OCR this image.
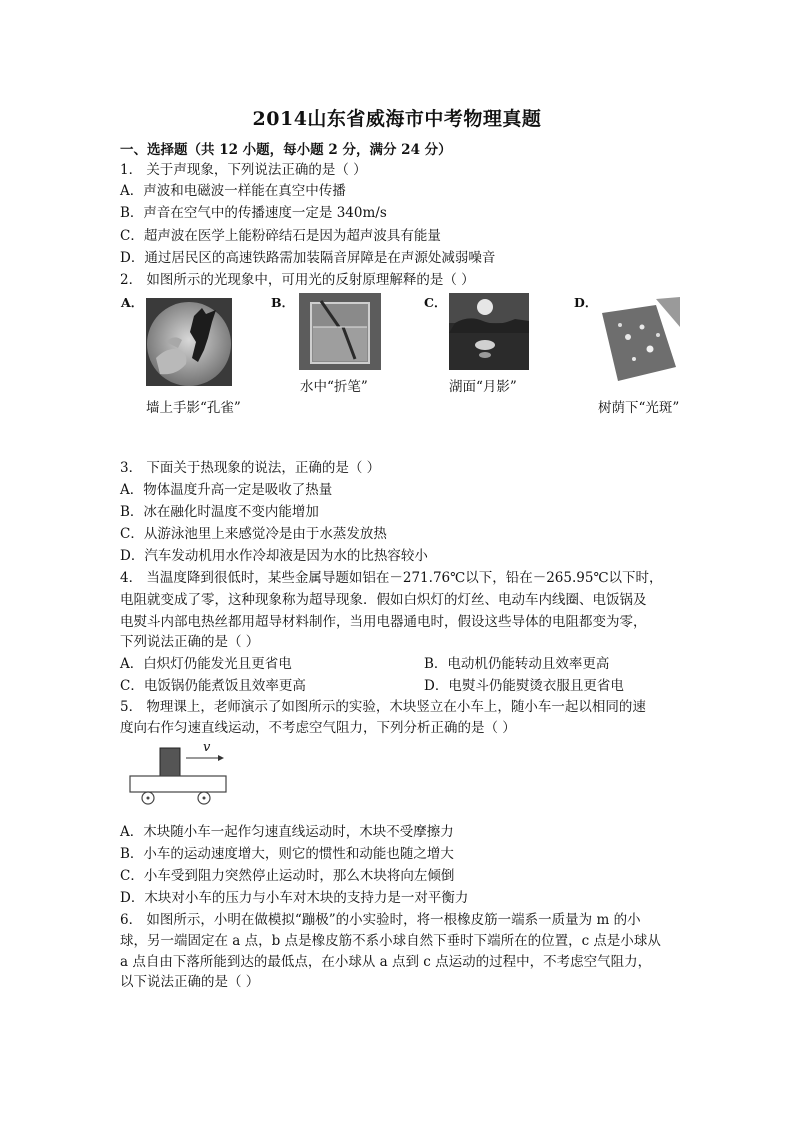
2014山东省威海市中考物理真题
一、选择题（共 12 小题，每小题 2 分，满分 24 分）
1． 关于声现象，下列说法正确的是（ ）
A．声波和电磁波一样能在真空中传播
B．声音在空气中的传播速度一定是 340m/s
C．超声波在医学上能粉碎结石是因为超声波具有能量
D．通过居民区的高速铁路需加装隔音屏障是在声源处减弱噪音
2． 如图所示的光现象中，可用光的反射原理解释的是（ ）
A．	B．	C．	D．
水中“折笔”	湖面“月影”
墙上手影“孔雀”	树荫下“光斑”
3． 下面关于热现象的说法，正确的是（ ）
A．物体温度升高一定是吸收了热量
B．冰在融化时温度不变内能增加
C．从游泳池里上来感觉冷是由于水蒸发放热
D．汽车发动机用水作冷却液是因为水的比热容较小
4． 当温度降到很低时，某些金属导题如铝在－271.76℃以下，铅在－265.95℃以下时，
电阻就变成了零，这种现象称为超导现象．假如白炽灯的灯丝、电动车内线圈、电饭锅及
电熨斗内部电热丝都用超导材料制作，当用电器通电时，假设这些导体的电阻都变为零，
下列说法正确的是（ ）
A．白炽灯仍能发光且更省电	B．电动机仍能转动且效率更高
C．电饭锅仍能煮饭且效率更高	D．电熨斗仍能熨烫衣服且更省电
5． 物理课上，老师演示了如图所示的实验，木块竖立在小车上，随小车一起以相同的速
度向右作匀速直线运动，不考虑空气阻力，下列分析正确的是（ ）
v
A．木块随小车一起作匀速直线运动时，木块不受摩擦力
B．小车的运动速度增大，则它的惯性和动能也随之增大
C．小车受到阻力突然停止运动时，那么木块将向左倾倒
D．木块对小车的压力与小车对木块的支持力是一对平衡力
6． 如图所示，小明在做模拟“蹦极”的小实验时，将一根橡皮筋一端系一质量为 m 的小
球，另一端固定在 a 点，b 点是橡皮筋不系小球自然下垂时下端所在的位置，c 点是小球从
a 点自由下落所能到达的最低点，在小球从 a 点到 c 点运动的过程中，不考虑空气阻力，
以下说法正确的是（ ）
